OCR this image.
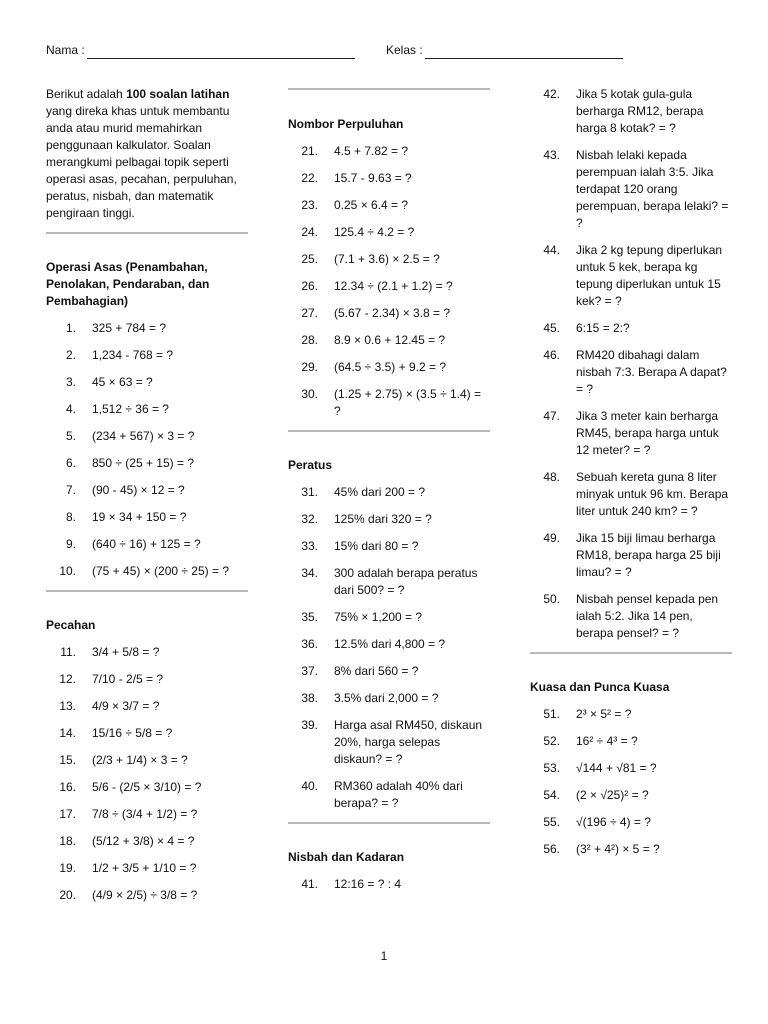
Nama :	Kelas :

Berikut adalah 100 soalan latihan yang direka khas untuk membantu anda atau murid memahirkan penggunaan kalkulator. Soalan merangkumi pelbagai topik seperti operasi asas, pecahan, perpuluhan, peratus, nisbah, dan matematik pengiraan tinggi.

Operasi Asas (Penambahan, Penolakan, Pendaraban, dan Pembahagian)

1.	325 + 784 = ?
2.	1,234 - 768 = ?
3.	45 × 63 = ?
4.	1,512 ÷ 36 = ?
5.	(234 + 567) × 3 = ?
6.	850 ÷ (25 + 15) = ?
7.	(90 - 45) × 12 = ?
8.	19 × 34 + 150 = ?
9.	(640 ÷ 16) + 125 = ?
10.	(75 + 45) × (200 ÷ 25) = ?

Pecahan

11.	3/4 + 5/8 = ?
12.	7/10 - 2/5 = ?
13.	4/9 × 3/7 = ?
14.	15/16 ÷ 5/8 = ?
15.	(2/3 + 1/4) × 3 = ?
16.	5/6 - (2/5 × 3/10) = ?
17.	7/8 ÷ (3/4 + 1/2) = ?
18.	(5/12 + 3/8) × 4 = ?
19.	1/2 + 3/5 + 1/10 = ?
20.	(4/9 × 2/5) ÷ 3/8 = ?

Nombor Perpuluhan

21.	4.5 + 7.82 = ?
22.	15.7 - 9.63 = ?
23.	0.25 × 6.4 = ?
24.	125.4 ÷ 4.2 = ?
25.	(7.1 + 3.6) × 2.5 = ?
26.	12.34 ÷ (2.1 + 1.2) = ?
27.	(5.67 - 2.34) × 3.8 = ?
28.	8.9 × 0.6 + 12.45 = ?
29.	(64.5 ÷ 3.5) + 9.2 = ?
30.	(1.25 + 2.75) × (3.5 ÷ 1.4) = ?

Peratus

31.	45% dari 200 = ?
32.	125% dari 320 = ?
33.	15% dari 80 = ?
34.	300 adalah berapa peratus dari 500? = ?
35.	75% × 1,200 = ?
36.	12.5% dari 4,800 = ?
37.	8% dari 560 = ?
38.	3.5% dari 2,000 = ?
39.	Harga asal RM450, diskaun 20%, harga selepas diskaun? = ?
40.	RM360 adalah 40% dari berapa? = ?

Nisbah dan Kadaran

41.	12:16 = ? : 4
42.	Jika 5 kotak gula-gula berharga RM12, berapa harga 8 kotak? = ?
43.	Nisbah lelaki kepada perempuan ialah 3:5. Jika terdapat 120 orang perempuan, berapa lelaki? = ?
44.	Jika 2 kg tepung diperlukan untuk 5 kek, berapa kg tepung diperlukan untuk 15 kek? = ?
45.	6:15 = 2:?
46.	RM420 dibahagi dalam nisbah 7:3. Berapa A dapat? = ?
47.	Jika 3 meter kain berharga RM45, berapa harga untuk 12 meter? = ?
48.	Sebuah kereta guna 8 liter minyak untuk 96 km. Berapa liter untuk 240 km? = ?
49.	Jika 15 biji limau berharga RM18, berapa harga 25 biji limau? = ?
50.	Nisbah pensel kepada pen ialah 5:2. Jika 14 pen, berapa pensel? = ?

Kuasa dan Punca Kuasa

51.	2³ × 5² = ?
52.	16² ÷ 4³ = ?
53.	√144 + √81 = ?
54.	(2 × √25)² = ?
55.	√(196 ÷ 4) = ?
56.	(3² + 4²) × 5 = ?
1
